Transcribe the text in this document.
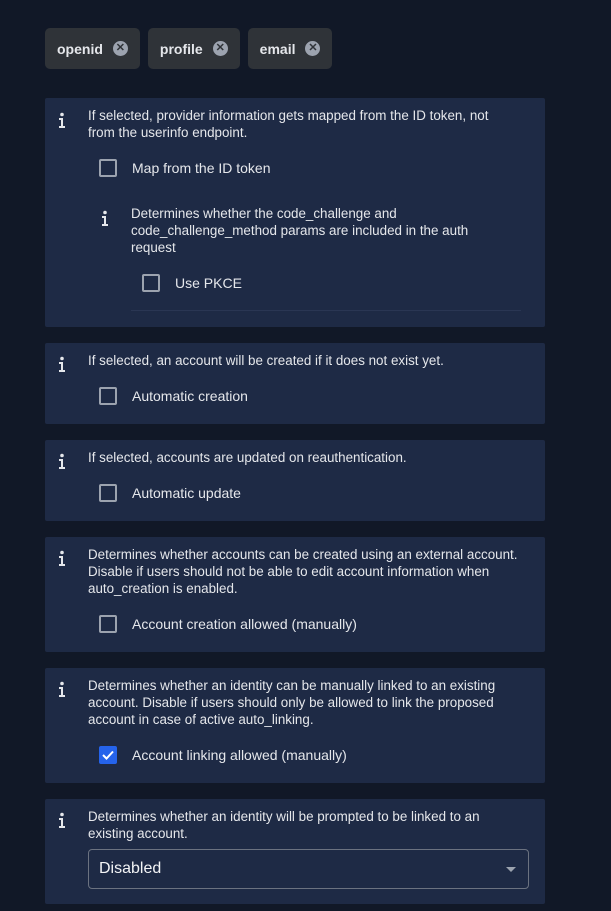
openid ✕ profile ✕ email ✕
If selected, provider information gets mapped from the ID token, not from the userinfo endpoint.
Map from the ID token
Determines whether the code_challenge and code_challenge_method params are included in the auth request
Use PKCE
If selected, an account will be created if it does not exist yet.
Automatic creation
If selected, accounts are updated on reauthentication.
Automatic update
Determines whether accounts can be created using an external account. Disable if users should not be able to edit account information when auto_creation is enabled.
Account creation allowed (manually)
Determines whether an identity can be manually linked to an existing account. Disable if users should only be allowed to link the proposed account in case of active auto_linking.
Account linking allowed (manually)
Determines whether an identity will be prompted to be linked to an existing account.
Disabled
